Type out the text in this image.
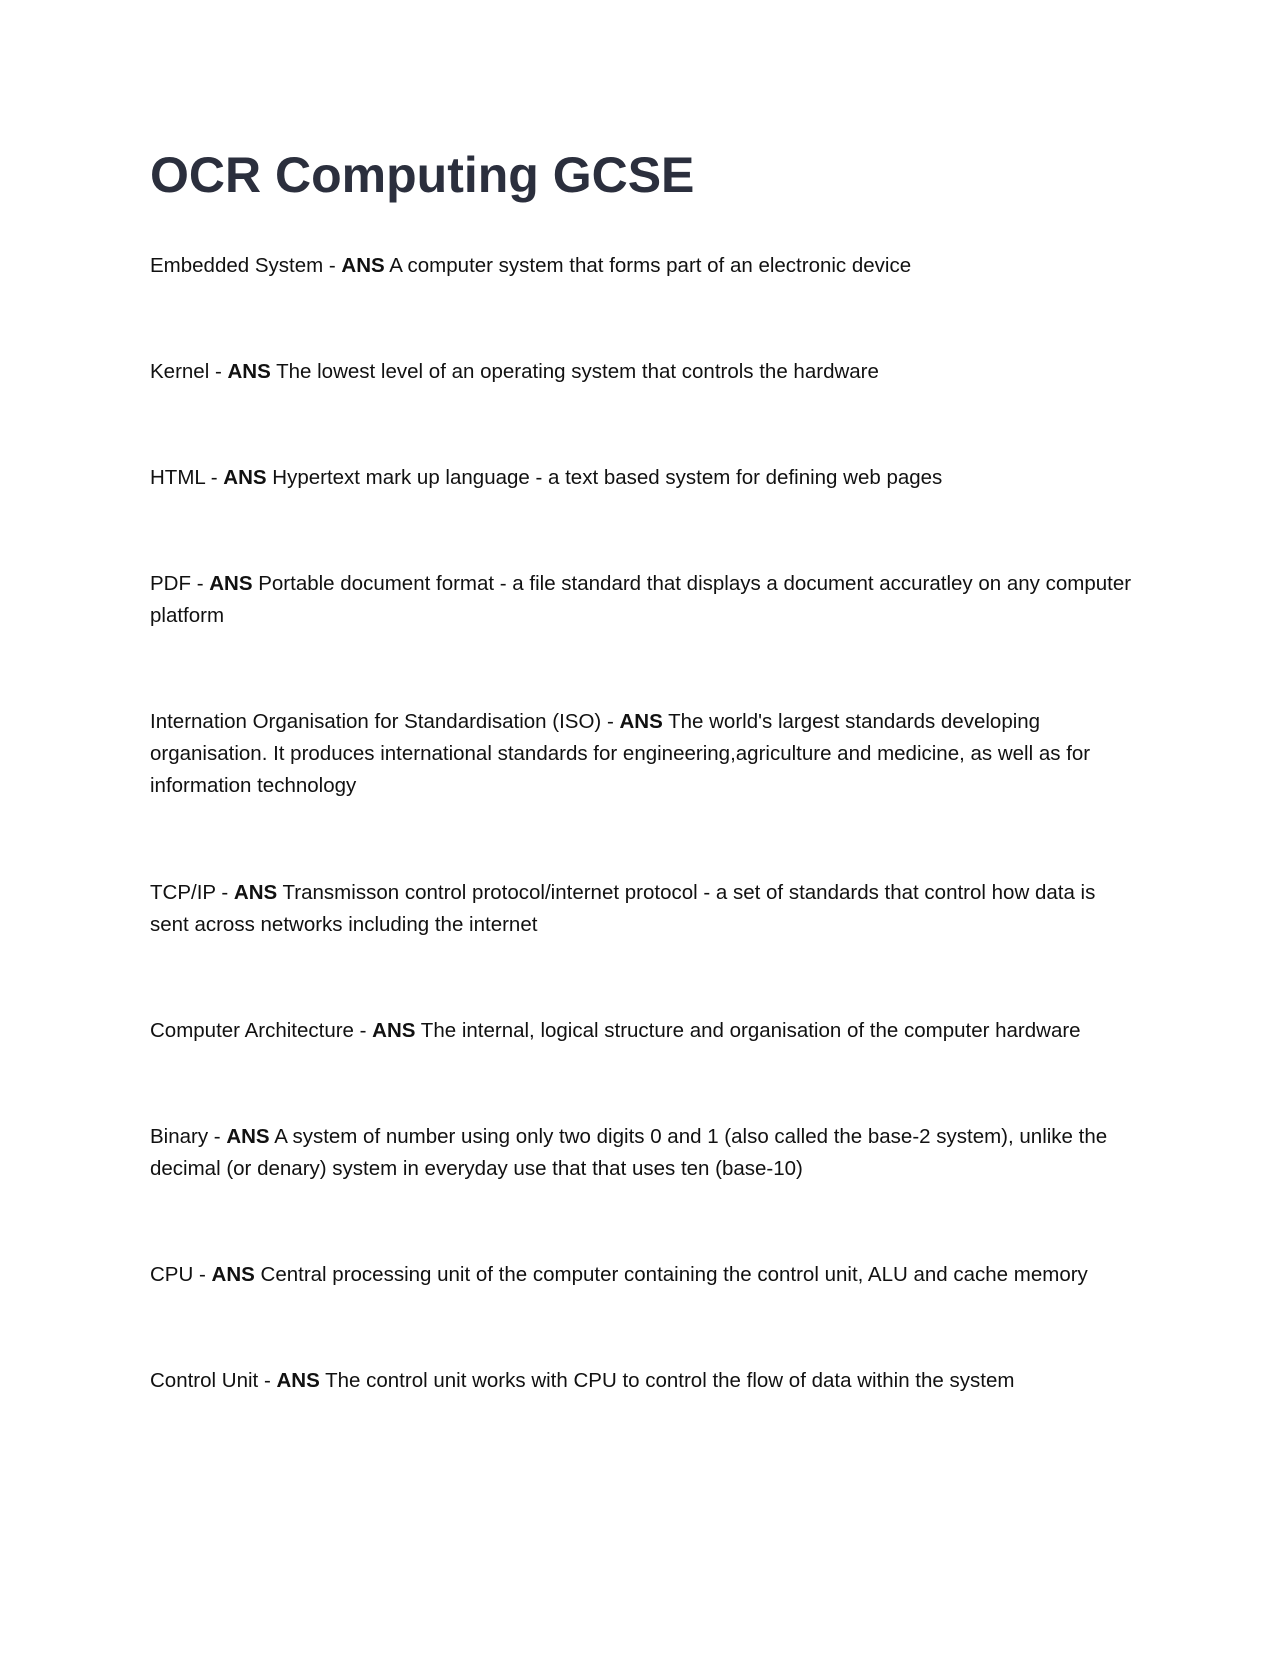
OCR Computing GCSE

Embedded System - ANS A computer system that forms part of an electronic device

Kernel - ANS The lowest level of an operating system that controls the hardware

HTML - ANS Hypertext mark up language - a text based system for defining web pages

PDF - ANS Portable document format - a file standard that displays a document accuratley on any computer platform

Internation Organisation for Standardisation (ISO) - ANS The world's largest standards developing organisation. It produces international standards for engineering,agriculture and medicine, as well as for information technology

TCP/IP - ANS Transmisson control protocol/internet protocol - a set of standards that control how data is sent across networks including the internet

Computer Architecture - ANS The internal, logical structure and organisation of the computer hardware

Binary - ANS A system of number using only two digits 0 and 1 (also called the base-2 system), unlike the decimal (or denary) system in everyday use that that uses ten (base-10)

CPU - ANS Central processing unit of the computer containing the control unit, ALU and cache memory

Control Unit - ANS The control unit works with CPU to control the flow of data within the system
